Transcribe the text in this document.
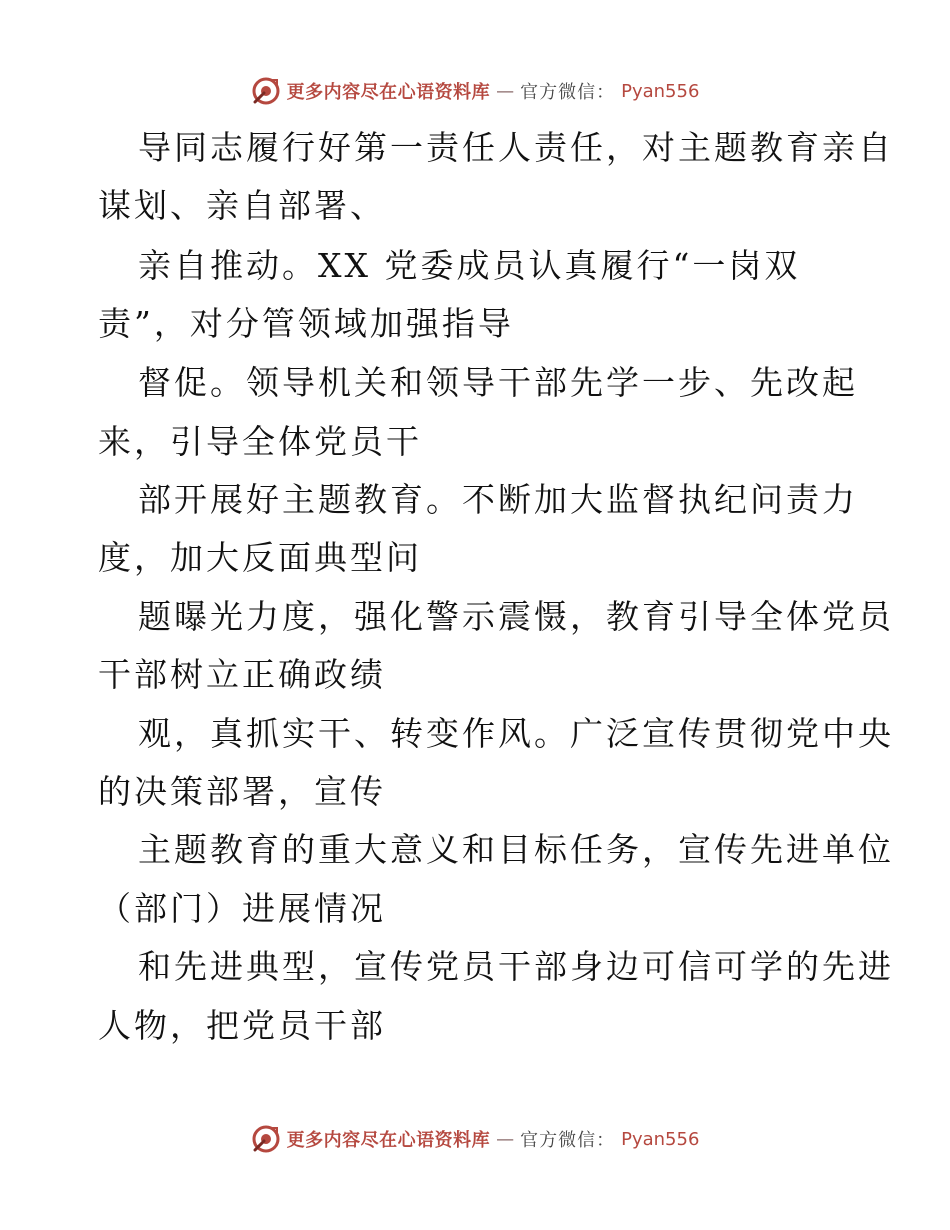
更多内容尽在心语资料库 — 官方微信： Pyan556
导同志履行好第一责任人责任，对主题教育亲自
谋划、亲自部署、
亲自推动。XX 党委成员认真履行“一岗双
责”，对分管领域加强指导
督促。领导机关和领导干部先学一步、先改起
来，引导全体党员干
部开展好主题教育。不断加大监督执纪问责力
度，加大反面典型问
题曝光力度，强化警示震慑，教育引导全体党员
干部树立正确政绩
观，真抓实干、转变作风。广泛宣传贯彻党中央
的决策部署，宣传
主题教育的重大意义和目标任务，宣传先进单位
（部门）进展情况
和先进典型，宣传党员干部身边可信可学的先进
人物，把党员干部
更多内容尽在心语资料库 — 官方微信： Pyan556
